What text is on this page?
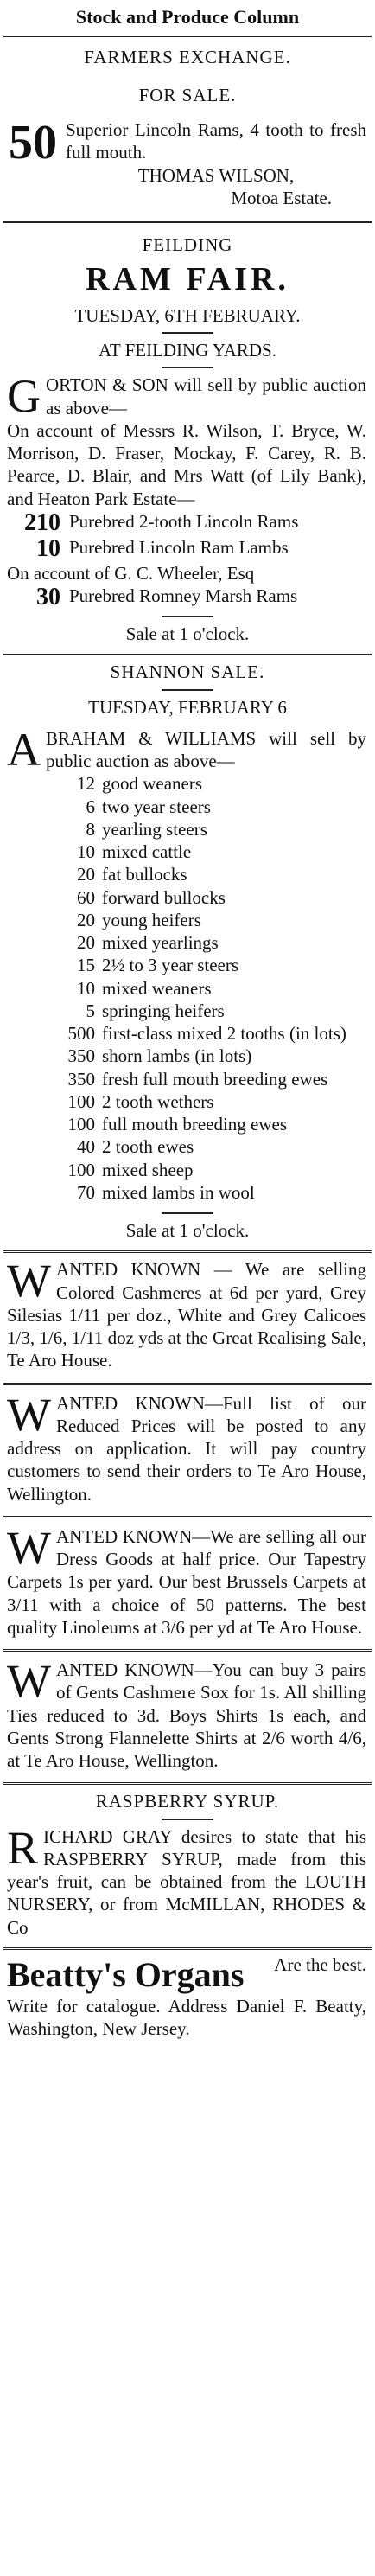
Stock and Produce Column
FARMERS EXCHANGE.
FOR SALE.
50 Superior Lincoln Rams, 4 tooth to fresh full mouth.
THOMAS WILSON,
Motoa Estate.
FEILDING
RAM FAIR.
TUESDAY, 6TH FEBRUARY.
AT FEILDING YARDS.
G ORTON & SON will sell by public auction as above—
On account of Messrs R. Wilson, T. Bryce, W. Morrison, D. Fraser, Mockay, F. Carey, R. B. Pearce, D. Blair, and Mrs Watt (of Lily Bank), and Heaton Park Estate—
210 Purebred 2-tooth Lincoln Rams
10 Purebred Lincoln Ram Lambs
On account of G. C. Wheeler, Esq
30 Purebred Romney Marsh Rams
Sale at 1 o'clock.
SHANNON SALE.
TUESDAY, FEBRUARY 6
A BRAHAM & WILLIAMS will sell by public auction as above—
12 good weaners
6 two year steers
8 yearling steers
10 mixed cattle
20 fat bullocks
60 forward bullocks
20 young heifers
20 mixed yearlings
15 2½ to 3 year steers
10 mixed weaners
5 springing heifers
500 first-class mixed 2 tooths (in lots)
350 shorn lambs (in lots)
350 fresh full mouth breeding ewes
100 2 tooth wethers
100 full mouth breeding ewes
40 2 tooth ewes
100 mixed sheep
70 mixed lambs in wool
Sale at 1 o'clock.
W ANTED KNOWN — We are selling Colored Cashmeres at 6d per yard, Grey Silesias 1/11 per doz., White and Grey Calicoes 1/3, 1/6, 1/11 doz yds at the Great Realising Sale, Te Aro House.
W ANTED KNOWN—Full list of our Reduced Prices will be posted to any address on application. It will pay country customers to send their orders to Te Aro House, Wellington.
W ANTED KNOWN—We are selling all our Dress Goods at half price. Our Tapestry Carpets 1s per yard. Our best Brussels Carpets at 3/11 with a choice of 50 patterns. The best quality Linoleums at 3/6 per yd at Te Aro House.
W ANTED KNOWN—You can buy 3 pairs of Gents Cashmere Sox for 1s. All shilling Ties reduced to 3d. Boys Shirts 1s each, and Gents Strong Flannelette Shirts at 2/6 worth 4/6, at Te Aro House, Wellington.
RASPBERRY SYRUP.
R ICHARD GRAY desires to state that his RASPBERRY SYRUP, made from this year's fruit, can be obtained from the LOUTH NURSERY, or from McMILLAN, RHODES & Co
Beatty's Organs	Are the best.
Write for catalogue. Address Daniel F. Beatty, Washington, New Jersey.
